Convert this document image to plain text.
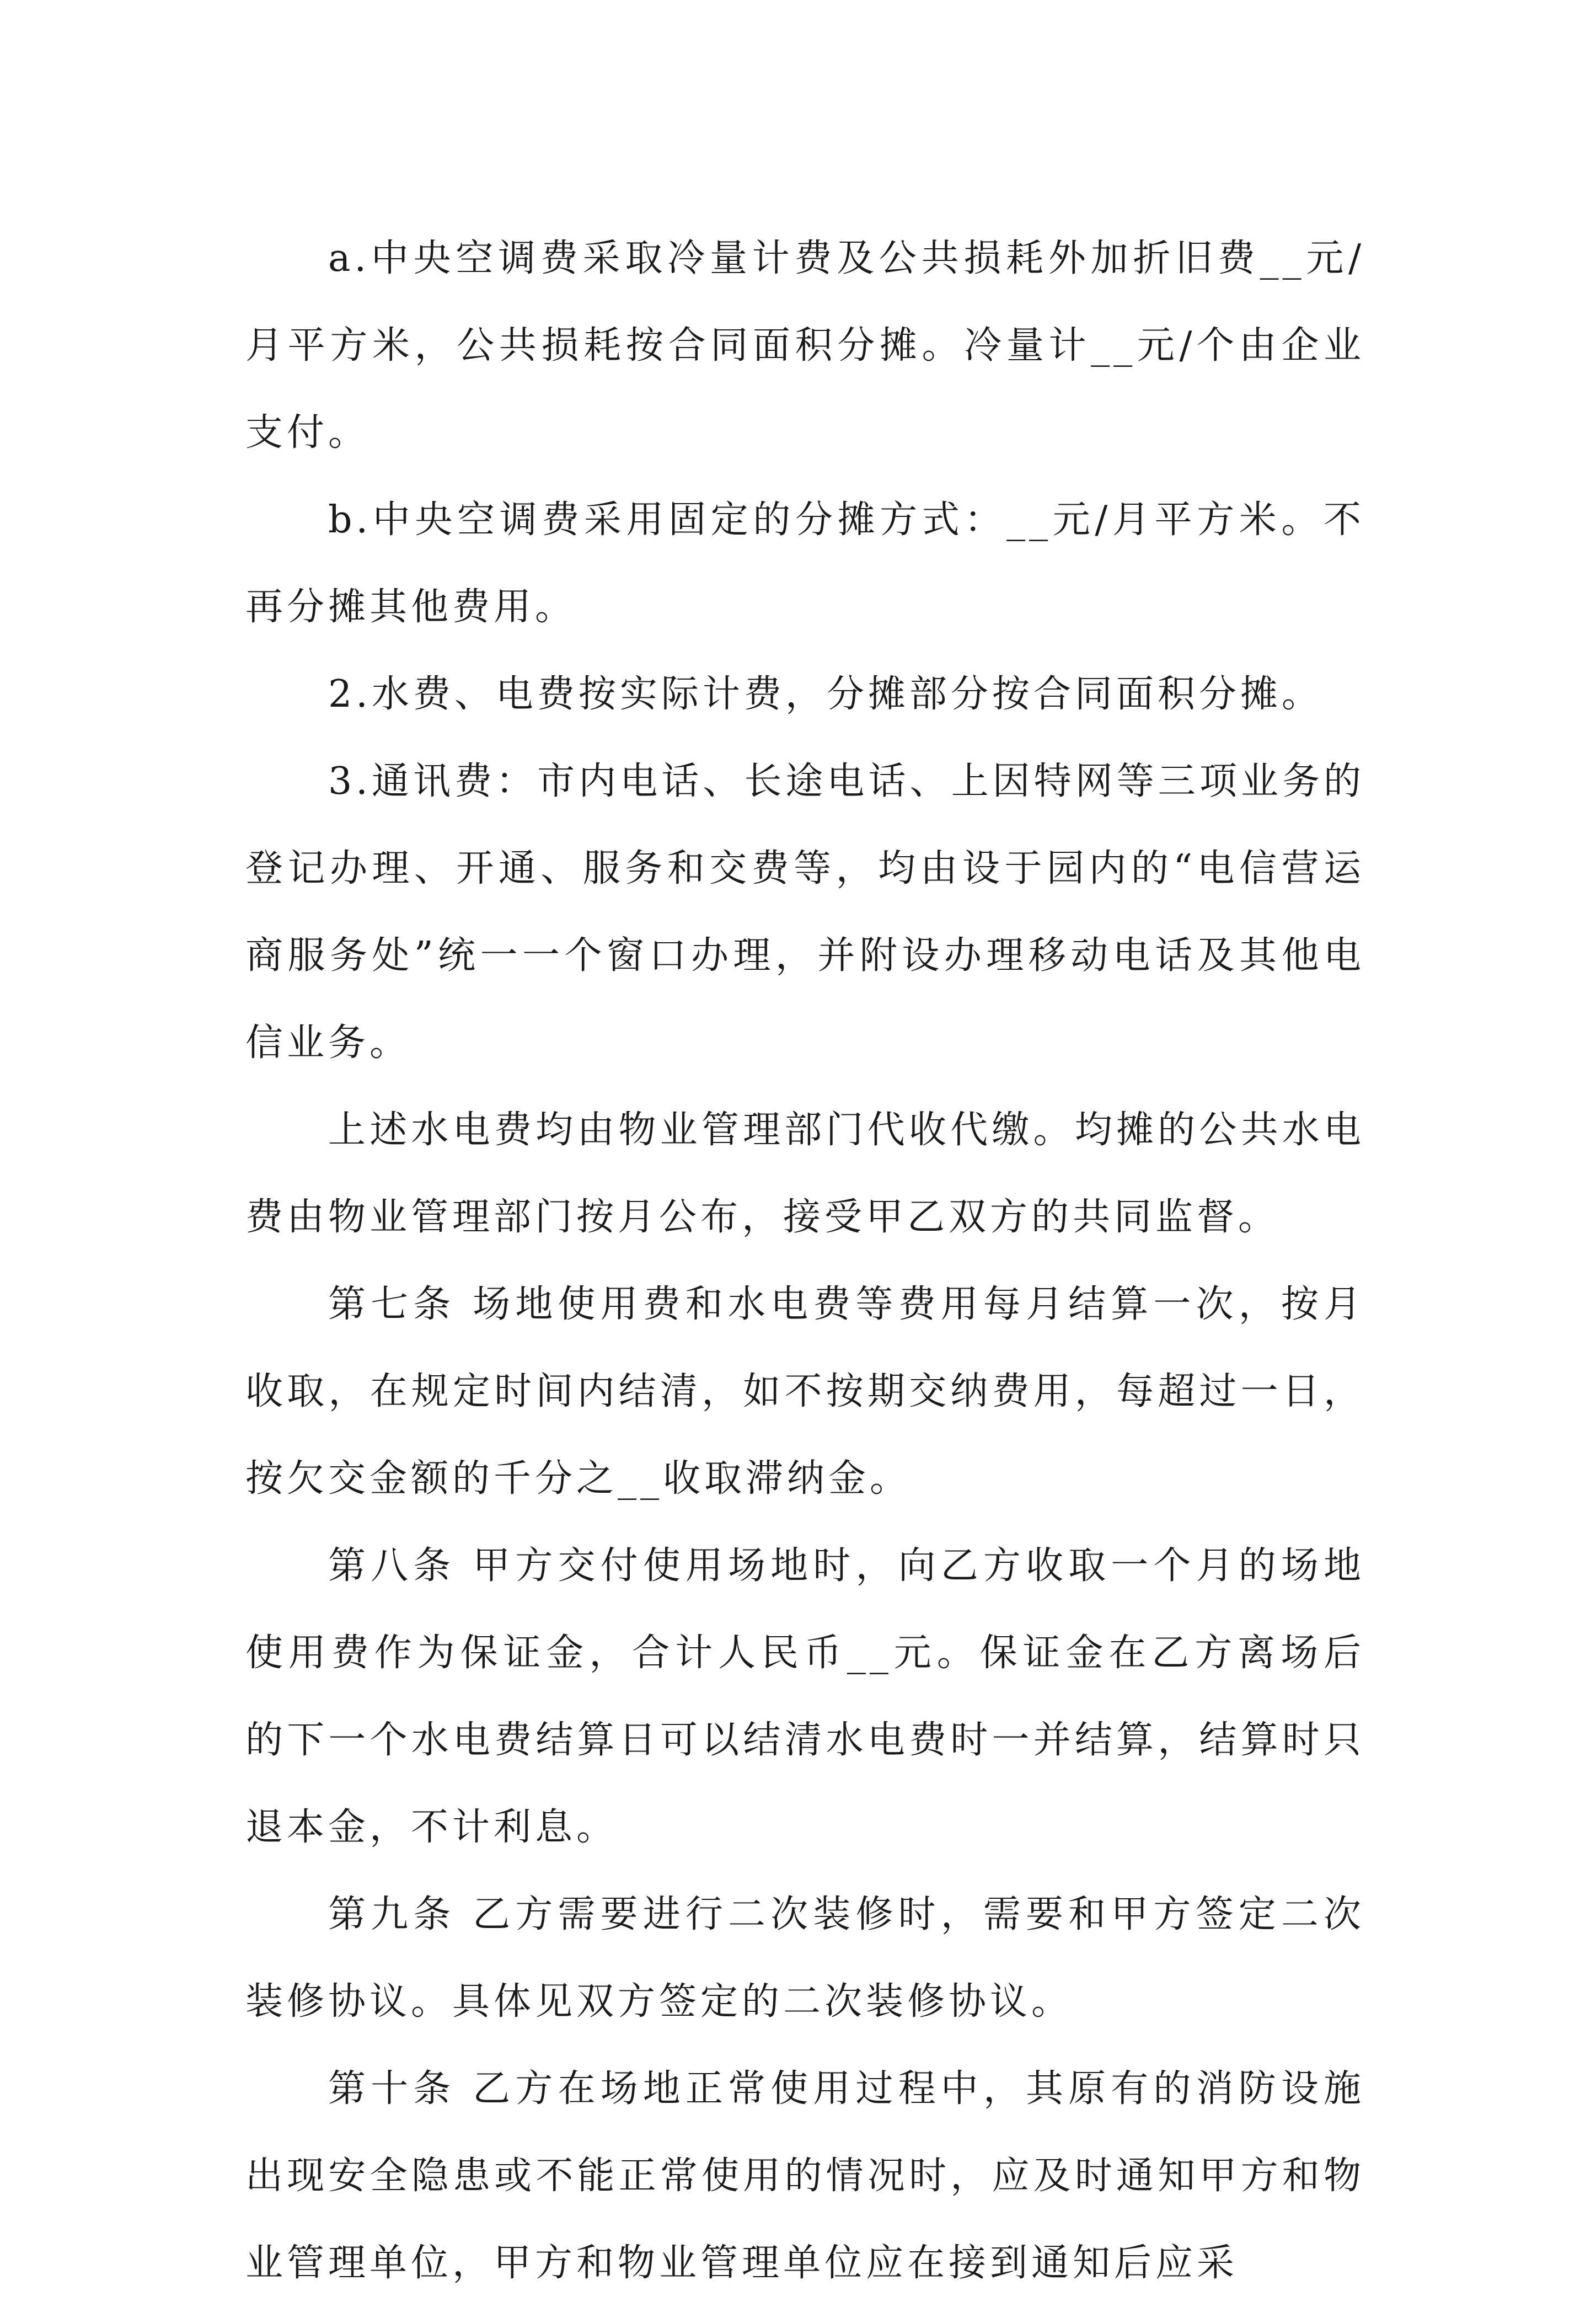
a.中央空调费采取冷量计费及公共损耗外加折旧费__元/月平方米，公共损耗按合同面积分摊。冷量计__元/个由企业支付。

b.中央空调费采用固定的分摊方式：__元/月平方米。不再分摊其他费用。

2.水费、电费按实际计费，分摊部分按合同面积分摊。

3.通讯费：市内电话、长途电话、上因特网等三项业务的登记办理、开通、服务和交费等，均由设于园内的“电信营运商服务处”统一一个窗口办理，并附设办理移动电话及其他电信业务。

上述水电费均由物业管理部门代收代缴。均摊的公共水电费由物业管理部门按月公布，接受甲乙双方的共同监督。

第七条 场地使用费和水电费等费用每月结算一次，按月收取，在规定时间内结清，如不按期交纳费用，每超过一日，按欠交金额的千分之__收取滞纳金。

第八条 甲方交付使用场地时，向乙方收取一个月的场地使用费作为保证金，合计人民币__元。保证金在乙方离场后的下一个水电费结算日可以结清水电费时一并结算，结算时只退本金，不计利息。

第九条 乙方需要进行二次装修时，需要和甲方签定二次装修协议。具体见双方签定的二次装修协议。

第十条 乙方在场地正常使用过程中，其原有的消防设施出现安全隐患或不能正常使用的情况时，应及时通知甲方和物业管理单位，甲方和物业管理单位应在接到通知后应采
